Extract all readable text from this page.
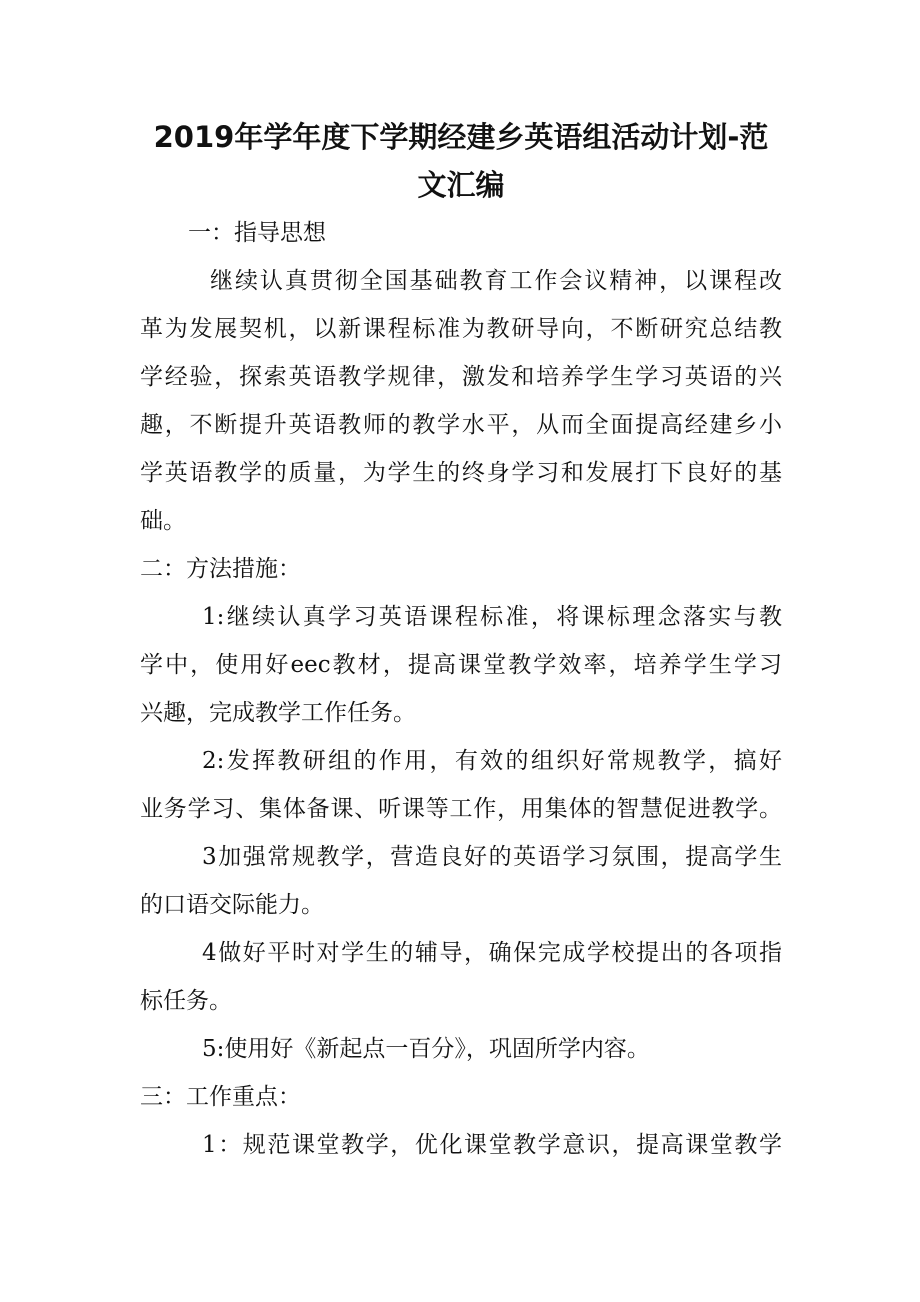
2019年学年度下学期经建乡英语组活动计划-范
文汇编
一：指导思想
继续认真贯彻全国基础教育工作会议精神，以课程改
革为发展契机，以新课程标准为教研导向，不断研究总结教
学经验，探索英语教学规律，激发和培养学生学习英语的兴
趣，不断提升英语教师的教学水平，从而全面提高经建乡小
学英语教学的质量，为学生的终身学习和发展打下良好的基
础。
二：方法措施：
1:继续认真学习英语课程标准，将课标理念落实与教
学中，使用好eec教材，提高课堂教学效率，培养学生学习
兴趣，完成教学工作任务。
2:发挥教研组的作用，有效的组织好常规教学，搞好
业务学习、集体备课、听课等工作，用集体的智慧促进教学。
3加强常规教学，营造良好的英语学习氛围，提高学生
的口语交际能力。
4做好平时对学生的辅导，确保完成学校提出的各项指
标任务。
5:使用好《新起点一百分》，巩固所学内容。
三：工作重点：
1：规范课堂教学，优化课堂教学意识，提高课堂教学
